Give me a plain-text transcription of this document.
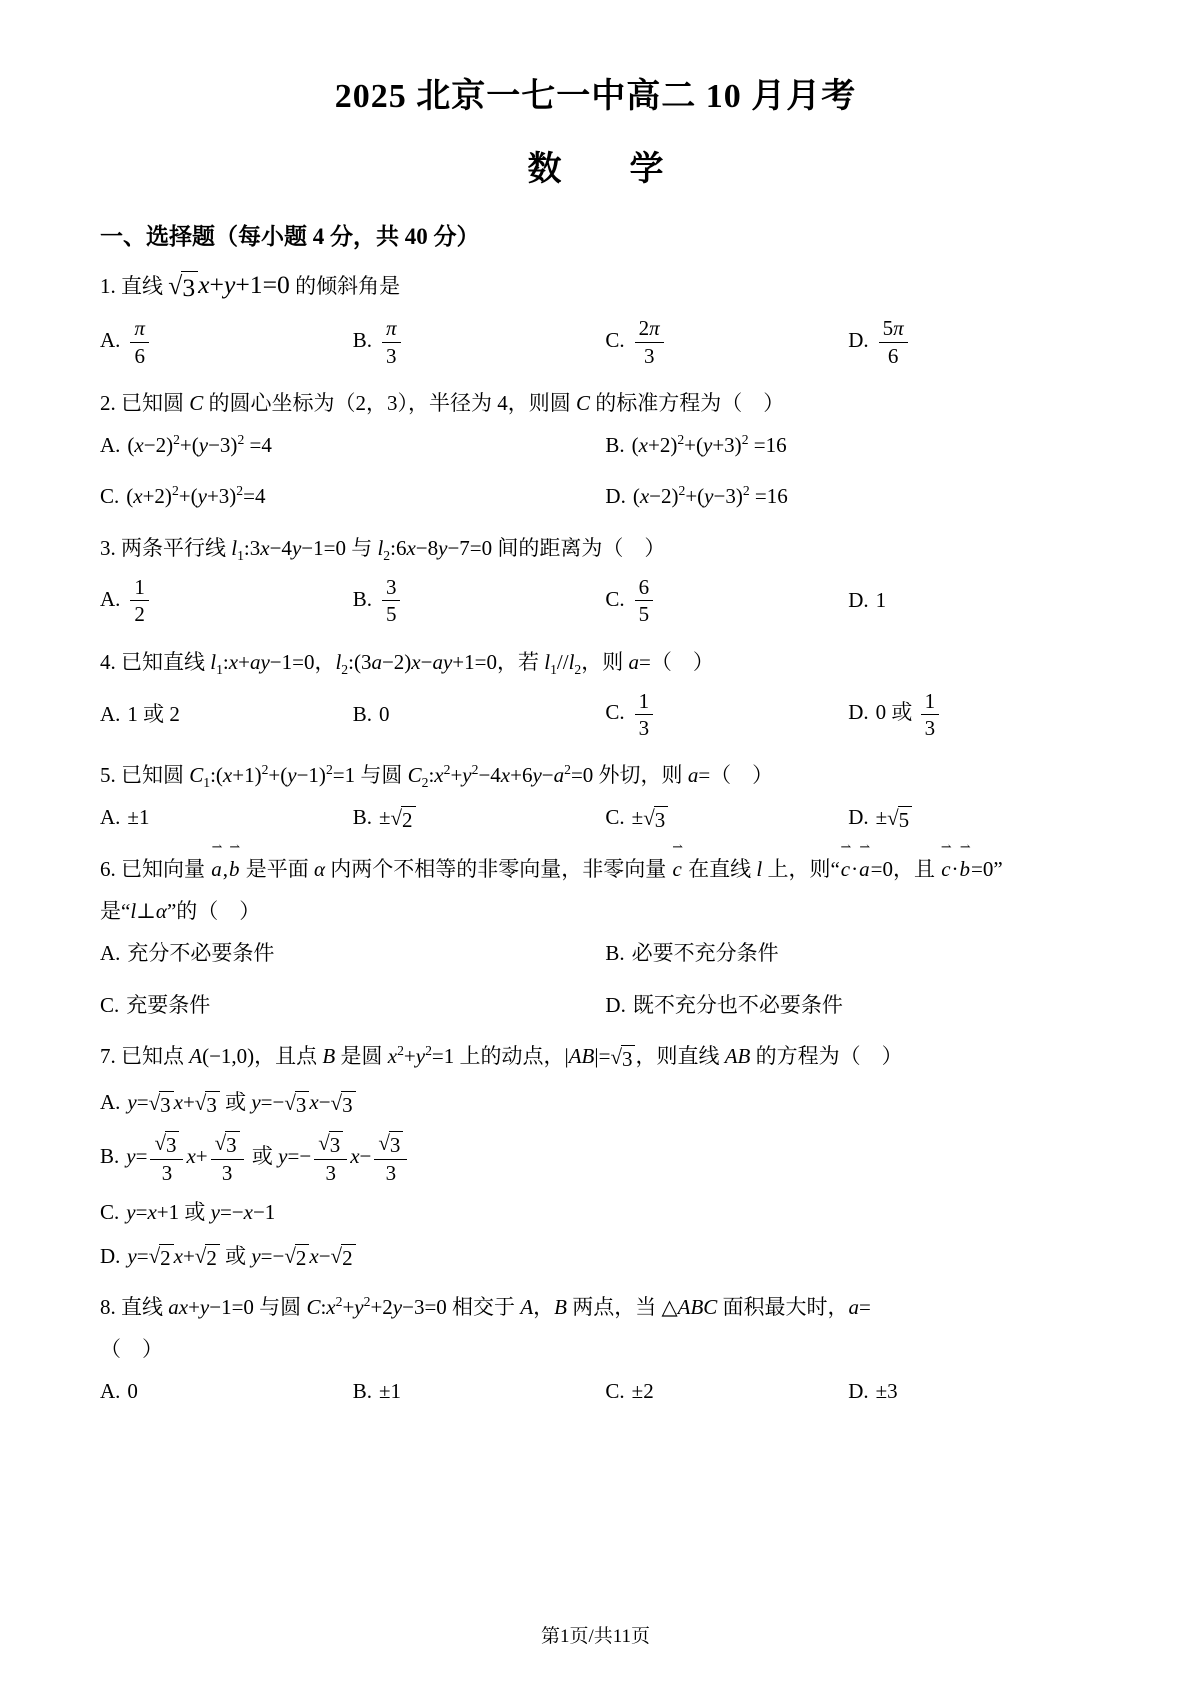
2025 北京一七一中高二 10 月月考
数　　学
一、选择题（每小题 4 分，共 40 分）
1. 直线 √ 3 x+y+1=0 的倾斜角是
A. $\frac{\pi}{6}$	B. $\frac{\pi}{3}$	C. $\frac{2\pi}{3}$	D. $\frac{5\pi}{6}$
2. 已知圆 C 的圆心坐标为（2，3），半径为 4，则圆 C 的标准方程为（　）
A. $(x-2)^2+(y-3)^2 =4$	B. $(x+2)^2+(y+3)^2 =16$
C. $(x+2)^2+(y+3)^2=4$	D. $(x-2)^2+(y-3)^2 =16$
3. 两条平行线 $l_1:3x-4y-1=0$ 与 $l_2:6x-8y-7=0$ 间的距离为（　）
A. $\frac{1}{2}$	B. $\frac{3}{5}$	C. $\frac{6}{5}$	D. 1
4. 已知直线 $l_1:x+ay-1=0$，$l_2:(3a-2)x-ay+1=0$，若 $l_1//l_2$，则 a=（　）
A. 1 或 2	B. 0	C. $\frac{1}{3}$	D. 0 或 $\frac{1}{3}$
5. 已知圆 $C_1:(x+1)^2+(y-1)^2=1$ 与圆 $C_2:x^2+y^2-4x+6y-a^2=0$ 外切，则 a=（　）
A. ±1	B. ± √ 2	C. ± √ 3	D. ± √ 5
6. 已知向量
⇀
a,
⇀
b 是平面 α 内两个不相等的非零向量，非零向量
⇀
c 在直线 l 上，则“
⇀
c·
⇀
a=0，且
⇀
c·
⇀
b=0”
是“l⊥α”的（　）
A. 充分不必要条件	B. 必要不充分条件
C. 充要条件	D. 既不充分也不必要条件
7. 已知点 A(−1,0)，且点 B 是圆 $x^2+y^2=1$ 上的动点，|AB|= √ 3 ，则直线 AB 的方程为（　）
A. y= √ 3 x+ √ 3 或 y=− √ 3 x− √ 3
B. $y= \frac{√ 3}{3} x+ \frac{√ 3}{3}$ 或 $y=- \frac{√ 3}{3} x- \frac{√ 3}{3}$
C. y=x+1 或 y=−x−1
D. y= √ 2 x+ √ 2 或 y=− √ 2 x− √ 2
8. 直线 ax+y−1=0 与圆 $C:x^2+y^2+2y-3=0$ 相交于 A，B 两点，当 △ABC 面积最大时，a=
（　）
A. 0	B. ±1	C. ±2	D. ±3
第1页/共11页
